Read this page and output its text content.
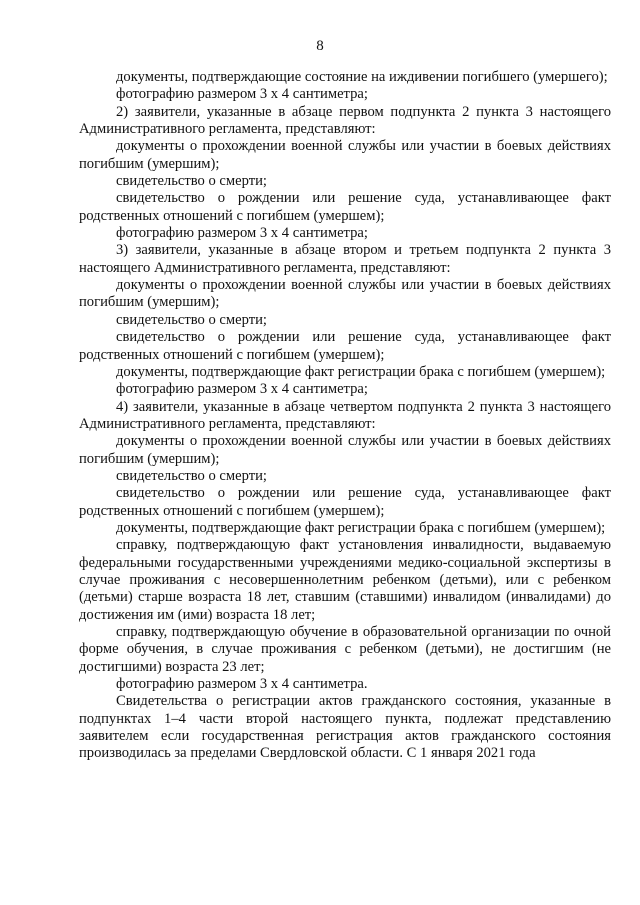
8

документы, подтверждающие состояние на иждивении погибшего (умершего);

фотографию размером 3 х 4 сантиметра;

2) заявители, указанные в абзаце первом подпункта 2 пункта 3 настоящего Административного регламента, представляют:

документы о прохождении военной службы или участии в боевых действиях погибшим (умершим);

свидетельство о смерти;

свидетельство о рождении или решение суда, устанавливающее факт родственных отношений с погибшем (умершем);

фотографию размером 3 х 4 сантиметра;

3) заявители, указанные в абзаце втором и третьем подпункта 2 пункта 3 настоящего Административного регламента, представляют:

документы о прохождении военной службы или участии в боевых действиях погибшим (умершим);

свидетельство о смерти;

свидетельство о рождении или решение суда, устанавливающее факт родственных отношений с погибшем (умершем);

документы, подтверждающие факт регистрации брака с погибшем (умершем);

фотографию размером 3 х 4 сантиметра;

4) заявители, указанные в абзаце четвертом подпункта 2 пункта 3 настоящего Административного регламента, представляют:

документы о прохождении военной службы или участии в боевых действиях погибшим (умершим);

свидетельство о смерти;

свидетельство о рождении или решение суда, устанавливающее факт родственных отношений с погибшем (умершем);

документы, подтверждающие факт регистрации брака с погибшем (умершем);

справку, подтверждающую факт установления инвалидности, выдаваемую федеральными государственными учреждениями медико-социальной экспертизы в случае проживания с несовершеннолетним ребенком (детьми), или с ребенком (детьми) старше возраста 18 лет, ставшим (ставшими) инвалидом (инвалидами) до достижения им (ими) возраста 18 лет;

справку, подтверждающую обучение в образовательной организации по очной форме обучения, в случае проживания с ребенком (детьми), не достигшим (не достигшими) возраста 23 лет;

фотографию размером 3 х 4 сантиметра.

Свидетельства о регистрации актов гражданского состояния, указанные в подпунктах 1–4 части второй настоящего пункта, подлежат представлению заявителем если государственная регистрация актов гражданского состояния производилась за пределами Свердловской области. С 1 января 2021 года
